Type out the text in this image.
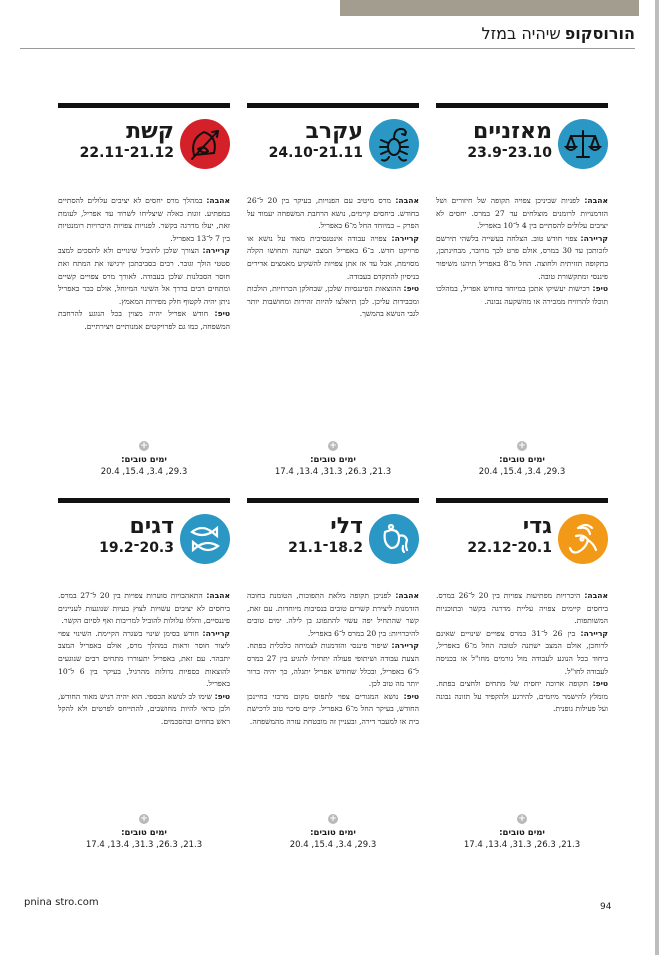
הורוסקופשיהיה במזל
מאזניים
23.10־23.9

אהבה: לפניות שביניכן צפויה תקופה של חיזורים ושל הזדמנויות לרומנים מוצלחים עד 27 במרס. יחסים לא יציבים עלולים להסתיים בין 4 ל־10 באפריל.

קריירה: צפוי חודש טוב. הצלחה בעשייה בלשהי תירשם לזכותכן עד 30 במרס, אולם פרט לכך מרובר, מבחינתכן, בתקופה תזזיתית ולחוצה. החל מ־8 באפריל תיהנו משיפור פיננסי ומתקשורת טובה.

טיפ: רכישות יעשיקו אתכן במיוחד בחודש אפריל, במהלכו תוכלו להרוויח ממכירה או מהשקעה נבונה.

+
ימים טובים:
20.4 ,15.4 ,3.4 ,29.3
עקרב
21.11־24.10

אהבה: מרס מיטיב עם הפנויות, בעיקר בין 20 ל־26 בחודש. ביחסים קיימים, נושא הרחבת המשפחה יעמוד על הפרק – במיוחד החל מ־6 באפריל.

קריירה: צפויה עבודה אינטנסיבית מאוד על נושא או פרויקט חדש. ב־6 באפריל המצב ישתנה ותחושו הקלה מסוימת, אבל עד אז אתן צפויות להשקיע מאמצים אדירים בניסיון להתקדם בעבודה.

טיפ: ההוצאות הפיננסיות שלכן, שבחלקן הכרחיות, הולכות ומכבידות עליכן. לכן תיאלצו להיות זהירות ומחושבות יותר לגבי הנושא בהמשך.

+
ימים טובים:
17.4 ,13.4 ,31.3 ,26.3 ,21.3
קשת
21.12־22.11

אהבה: במהלך מרס יחסים לא יציבים עלולים להסתיים במפתיע. זוגות כאלה שיצליחו לשרוד עד אפריל, לעומת זאת, יעלו מדרגה בקשר. לפנויות צפויות היכרויות רומנטיות בין 7 ל־13 באפריל.

קריירה: הצורך שלכן להוביל שינויים ולא להסכים למצב סטטי הולך וגובר. רבים בסביבתכן ירגישו את המתח ואת חוסר הסבלנות שלכן בעבודה. לאורך מרס צפויים קשיים ומתחים רבים בדרך אל השינוי המיוחל, אולם כבר באפריל ניתן יהיה לקטוף חלק מפירות המאמץ.

טיפ: חודש אפריל יהיה מצוין בכל הנוגע להרחבת המשפחה, כמו גם לפרויקטים אמנותיים ויצירתיים.

+
ימים טובים:
20.4 ,15.4 ,3.4 ,29.3
גדי
20.1־22.12

אהבה: היכרויות מפתיעות צפויות בין 20 ל־26 במרס. ביחסים קיימים צפויה עליית מדרגה בקשר ובתוכניות המשותפות.

קריירה: בין 26 ל־31 במרס צפויים שינויים שאינם לרוחכן, אולם המצב ישתנה לטובה החל מ־6 באפריל, ביחוד בכל הנוגע לעבודה מול גורמים מחו"ל או בכניסה לעבודה לחו"ל.

טיפ: תקופה ארוכה יחסית של מתחים ולחצים בפתח. מומלץ להישמר מיזמים, להירגע ולהקפיד על תזונה נבונה ועל פעילות גופנית.

+
ימים טובים:
17.4 ,13.4 ,31.3 ,26.3 ,21.3
דלי
18.2־21.1

אהבה: לפניכן תקופה מלאת התפוכות, הטומנת בחובה הזדמנות ליצירת קשרים טובים בנסיבות מיוחדות. עם זאת, קשר שהתחיל יפה עשוי להתפוגג בן לילה. ימים טובים להיכרויות: בין 20 במרס ל־6 באפריל.

קריירה: שיפור פיננסי והזדמנות לצמיחה כלכלית בפתח. הצעת עבודה ושיתופי פעולה יתחילו להגיע בין 27 במרס ל־6 באפריל, ובכלל שחודש אפריל יתגלה, כך יהיה ברור יותר מה טוב לכן.

טיפ: נושא המגורים צפוי לתפוס מקום מרכזי בחיינכן החודש, בעיקר החל מ־6 באפריל. קיים סיכוי טוב לרכישת בית או למעבר דירה, ובעניין זה מובטחת עזרה מהמשפחה.

+
ימים טובים:
20.4 ,15.4 ,3.4 ,29.3
דגים
20.3־19.2

אהבה: התאהבויות סוערות צפויות בין 20 ל־27 במרס. ביחסים לא יציבים עשויות לצוץ בעיות שנוגעות לעניינים פיננסיים, והללו עלולות להוביל למריבות ואף לסיום הקשר.

קריירה: חודש בסימן שינוי בשגרה הקיימת. השינוי צפוי ליצור חוסר וראות במהלך מרס, אולם באפריל המצב יתבהר. עם זאת, באפריל יתעוררו מתחים רבים שנוגעים להוצאות כספיות גדולות מהרגיל, בעיקר בין 6 ל־10 באפריל.

טיפ: שימו לב לנושא הכספי. הוא יהיה רגיש מאוד החודש, ולכן כדאי להיות מחושבים, להתייחס לפרטים ולא להקל ראש בחוזים ובהסכמים.

+
ימים טובים:
17.4 ,13.4 ,31.3 ,26.3 ,21.3
pnina stro.com	94
